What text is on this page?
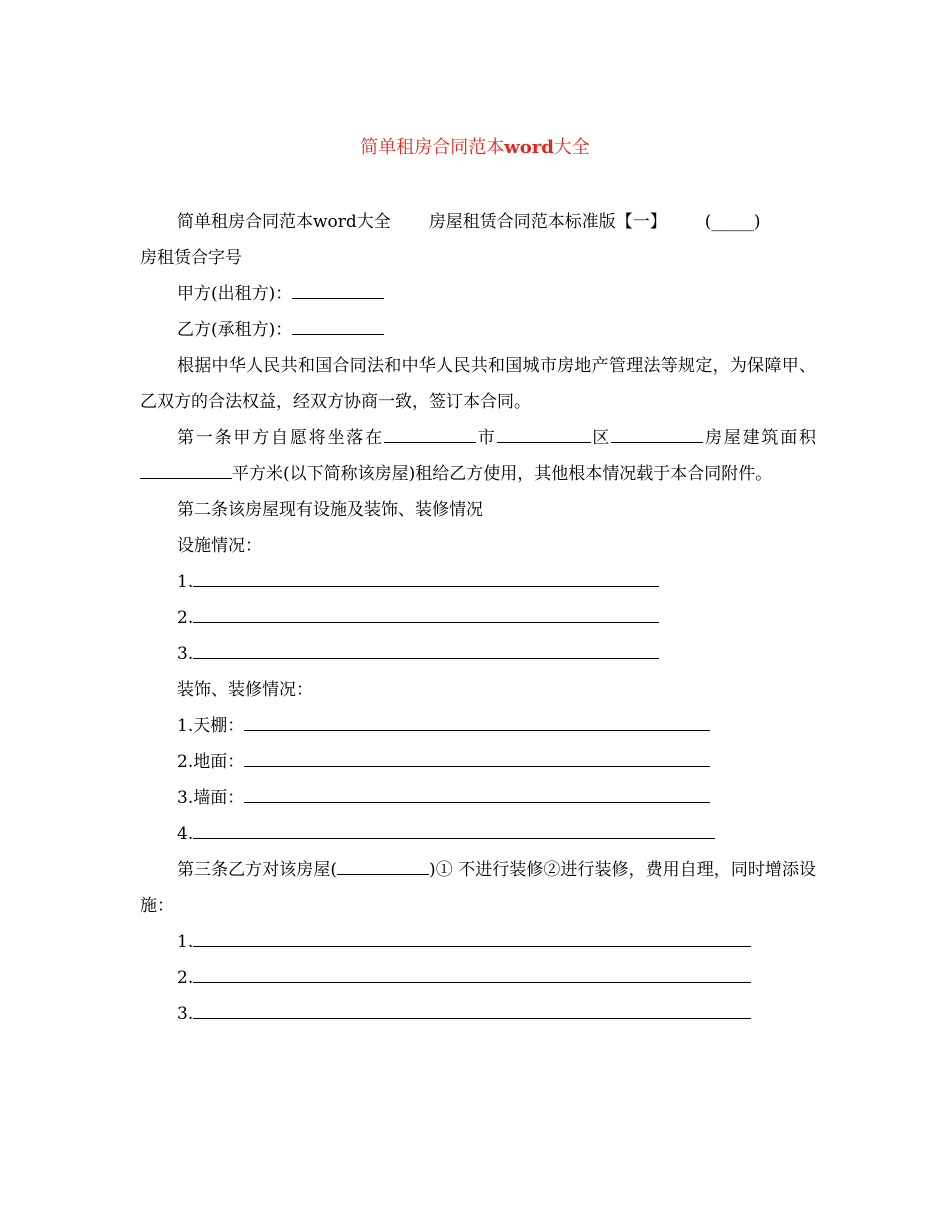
简单租房合同范本word大全

简单租房合同范本word大全 房屋租赁合同范本标准版【一】 (_____)

房租赁合字号

甲方(出租方)：

乙方(承租方)：

根据中华人民共和国合同法和中华人民共和国城市房地产管理法等规定，为保障甲、乙双方的合法权益，经双方协商一致，签订本合同。

第一条甲方自愿将坐落在	市	区	房屋建筑面积平方米(以下简称该房屋)租给乙方使用，其他根本情况载于本合同附件。

第二条该房屋现有设施及装饰、装修情况

设施情况：

1.

2.

3.

装饰、装修情况：

1.天棚：

2.地面：

3.墙面：

4.

第三条乙方对该房屋(	)① 不进行装修②进行装修，费用自理，同时增添设施：

1.

2.

3.
